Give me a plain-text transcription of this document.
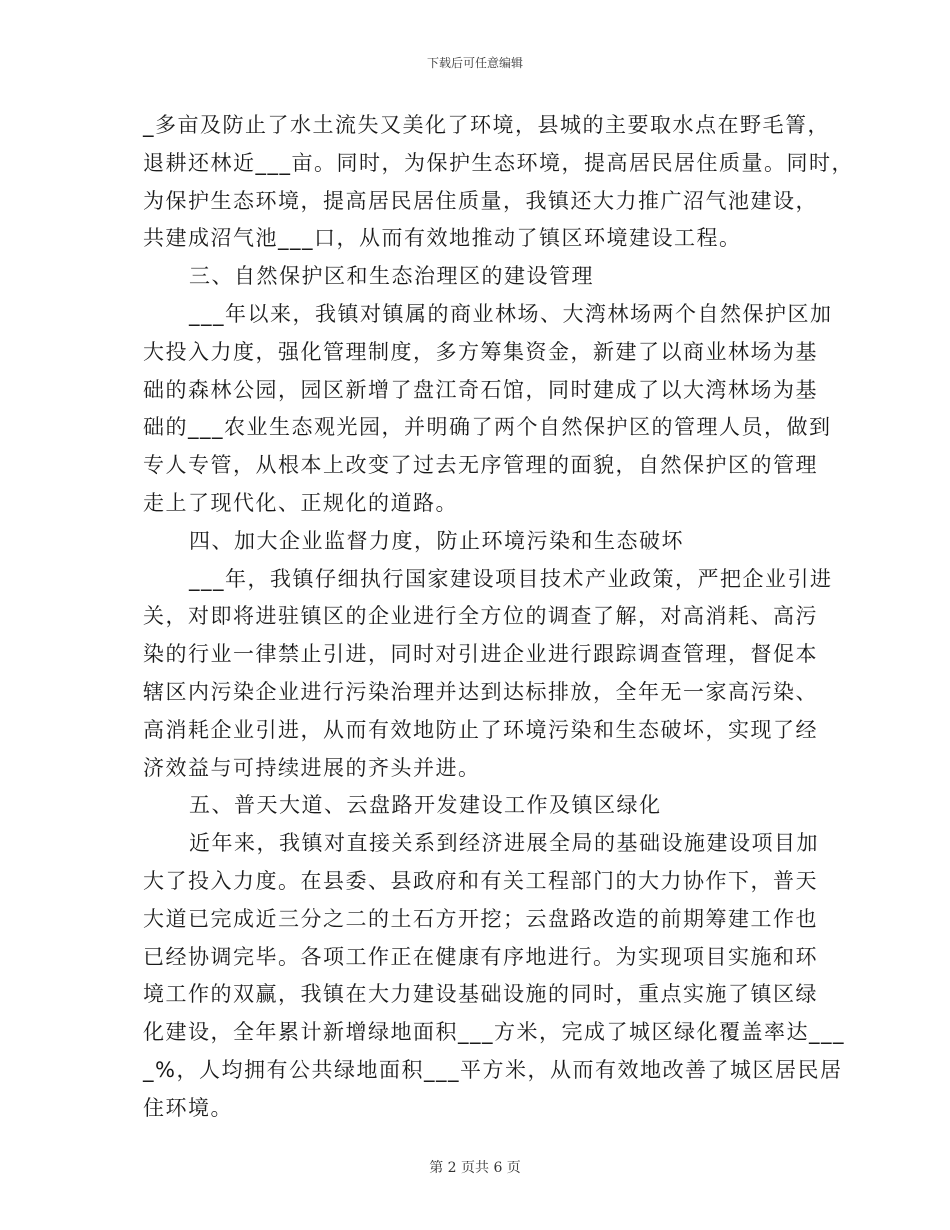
下载后可任意编辑
_多亩及防止了水土流失又美化了环境，县城的主要取水点在野毛箐，
退耕还林近___亩。同时，为保护生态环境，提高居民居住质量。同时，
为保护生态环境，提高居民居住质量，我镇还大力推广沼气池建设，
共建成沼气池___口，从而有效地推动了镇区环境建设工程。
三、自然保护区和生态治理区的建设管理
___年以来，我镇对镇属的商业林场、大湾林场两个自然保护区加
大投入力度，强化管理制度，多方筹集资金，新建了以商业林场为基
础的森林公园，园区新增了盘江奇石馆，同时建成了以大湾林场为基
础的___农业生态观光园，并明确了两个自然保护区的管理人员，做到
专人专管，从根本上改变了过去无序管理的面貌，自然保护区的管理
走上了现代化、正规化的道路。
四、加大企业监督力度，防止环境污染和生态破坏
___年，我镇仔细执行国家建设项目技术产业政策，严把企业引进
关，对即将进驻镇区的企业进行全方位的调查了解，对高消耗、高污
染的行业一律禁止引进，同时对引进企业进行跟踪调查管理，督促本
辖区内污染企业进行污染治理并达到达标排放，全年无一家高污染、
高消耗企业引进，从而有效地防止了环境污染和生态破坏，实现了经
济效益与可持续进展的齐头并进。
五、普天大道、云盘路开发建设工作及镇区绿化
近年来，我镇对直接关系到经济进展全局的基础设施建设项目加
大了投入力度。在县委、县政府和有关工程部门的大力协作下，普天
大道已完成近三分之二的土石方开挖；云盘路改造的前期筹建工作也
已经协调完毕。各项工作正在健康有序地进行。为实现项目实施和环
境工作的双赢，我镇在大力建设基础设施的同时，重点实施了镇区绿
化建设，全年累计新增绿地面积___方米，完成了城区绿化覆盖率达___
_%，人均拥有公共绿地面积___平方米，从而有效地改善了城区居民居
住环境。
第 2 页共 6 页
